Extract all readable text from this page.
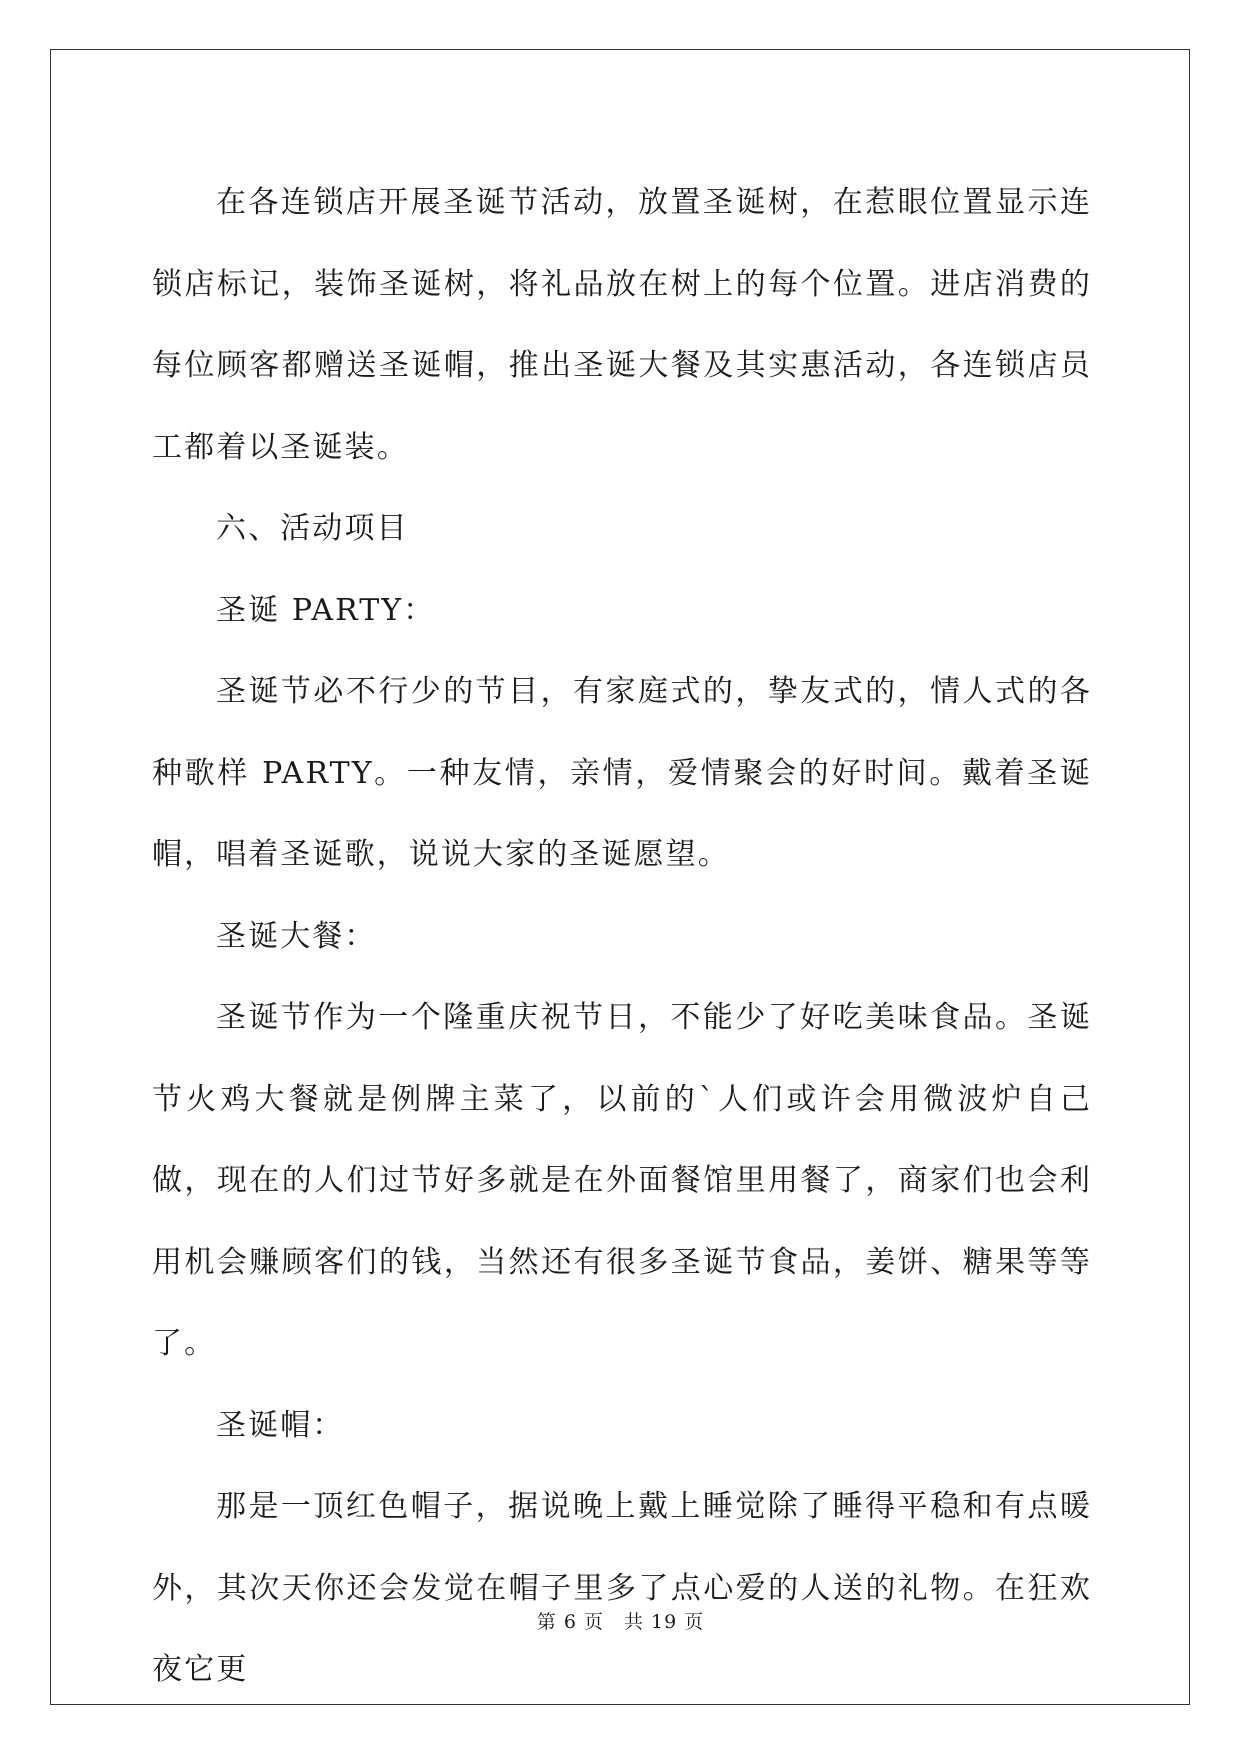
在各连锁店开展圣诞节活动，放置圣诞树，在惹眼位置显示连锁店标记，装饰圣诞树，将礼品放在树上的每个位置。进店消费的每位顾客都赠送圣诞帽，推出圣诞大餐及其实惠活动，各连锁店员工都着以圣诞装。

六、活动项目

圣诞 PARTY：

圣诞节必不行少的节目，有家庭式的，挚友式的，情人式的各种歌样 PARTY。一种友情，亲情，爱情聚会的好时间。戴着圣诞帽，唱着圣诞歌，说说大家的圣诞愿望。

圣诞大餐：

圣诞节作为一个隆重庆祝节日，不能少了好吃美味食品。圣诞节火鸡大餐就是例牌主菜了，以前的`人们或许会用微波炉自己做，现在的人们过节好多就是在外面餐馆里用餐了，商家们也会利用机会赚顾客们的钱，当然还有很多圣诞节食品，姜饼、糖果等等了。

圣诞帽：

那是一顶红色帽子，据说晚上戴上睡觉除了睡得平稳和有点暖外，其次天你还会发觉在帽子里多了点心爱的人送的礼物。在狂欢夜它更

第 6 页 共 19 页
